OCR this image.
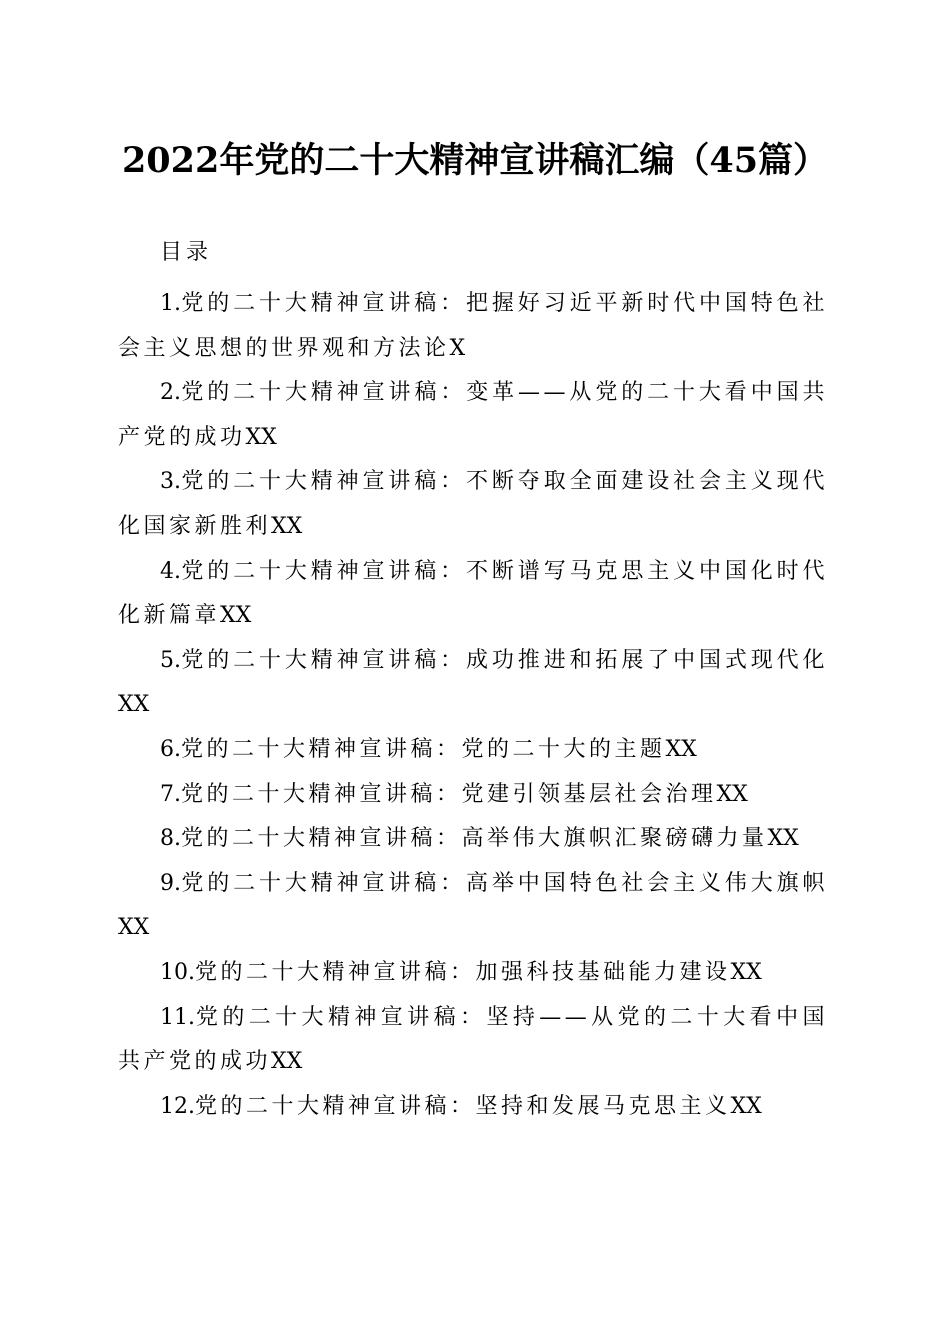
2022年党的二十大精神宣讲稿汇编（45篇）
目录

1.党的二十大精神宣讲稿：把握好习近平新时代中国特色社会主义思想的世界观和方法论X

2.党的二十大精神宣讲稿：变革——从党的二十大看中国共产党的成功XX

3.党的二十大精神宣讲稿：不断夺取全面建设社会主义现代化国家新胜利XX

4.党的二十大精神宣讲稿：不断谱写马克思主义中国化时代化新篇章XX

5.党的二十大精神宣讲稿：成功推进和拓展了中国式现代化XX

6.党的二十大精神宣讲稿：党的二十大的主题XX

7.党的二十大精神宣讲稿：党建引领基层社会治理XX

8.党的二十大精神宣讲稿：高举伟大旗帜汇聚磅礴力量XX

9.党的二十大精神宣讲稿：高举中国特色社会主义伟大旗帜XX

10.党的二十大精神宣讲稿：加强科技基础能力建设XX

11.党的二十大精神宣讲稿：坚持——从党的二十大看中国共产党的成功XX

12.党的二十大精神宣讲稿：坚持和发展马克思主义XX
